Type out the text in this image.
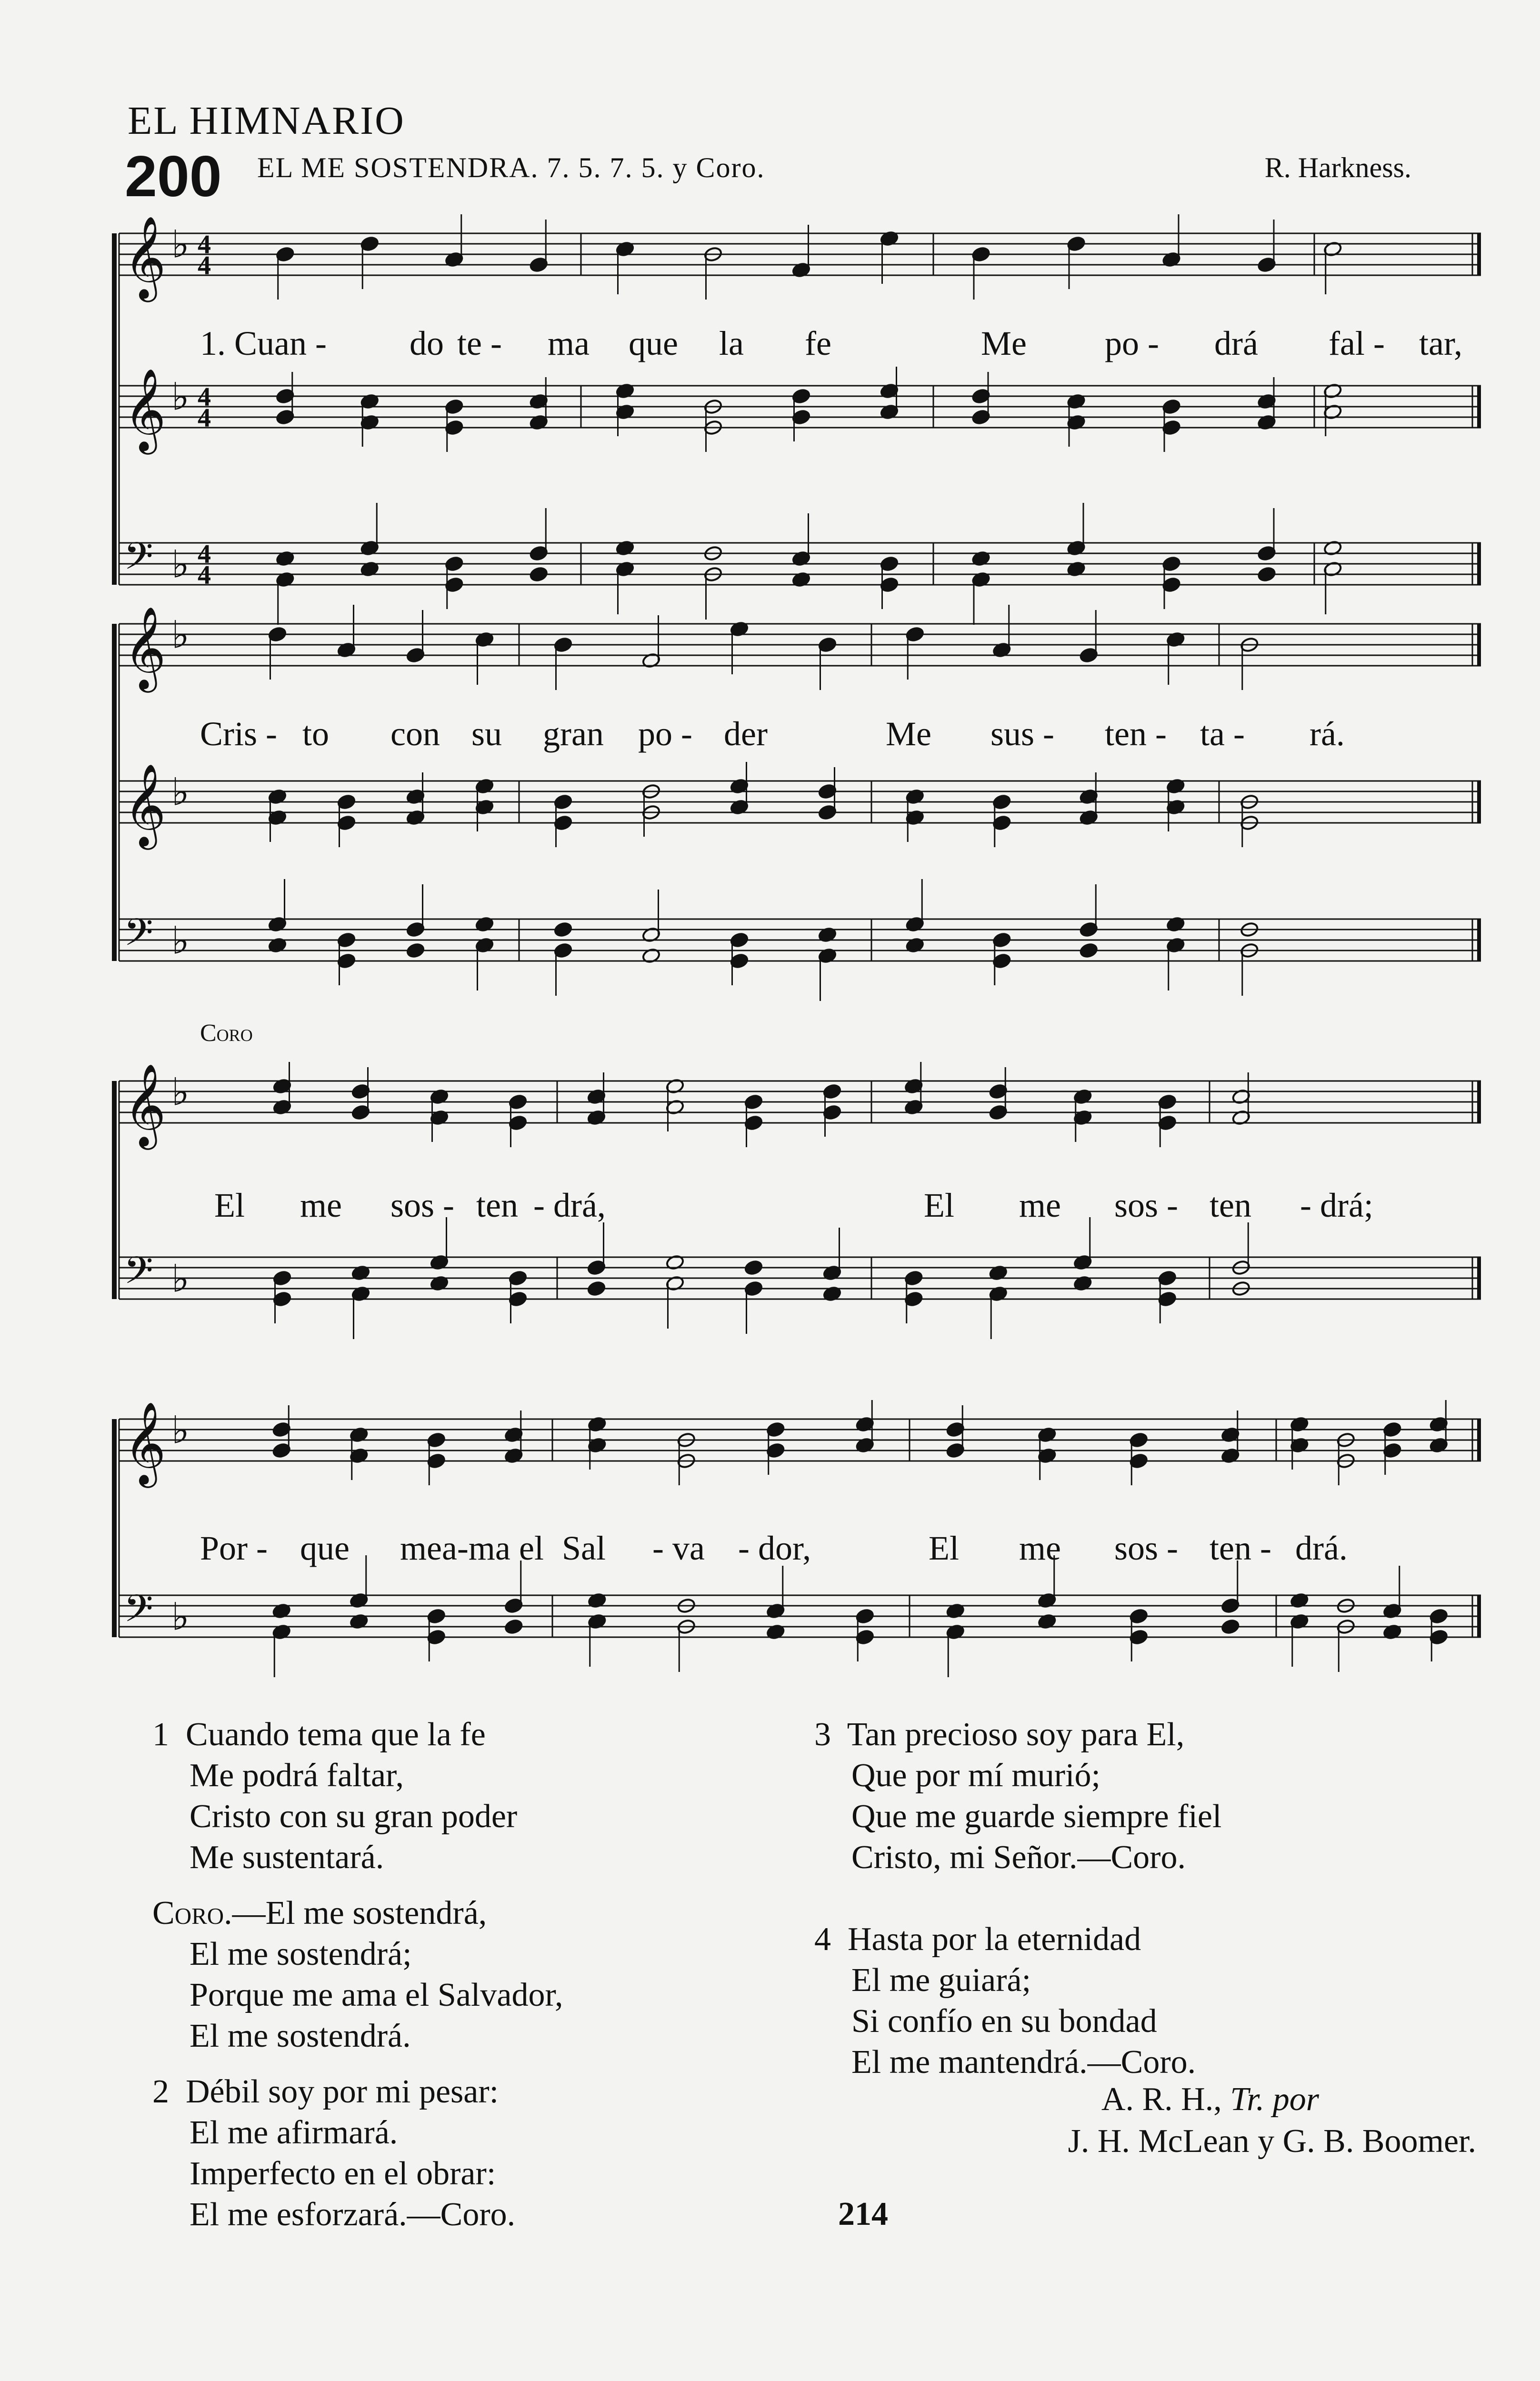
EL HIMNARIO
200 EL ME SOSTENDRA. 7. 5. 7. 5. y Coro.	R. Harkness.
𝄞 ♭ 4
4
𝄞 ♭ 4
4
𝄢 ♭ 4
4
𝄞 ♭
𝄞 ♭
𝄢 ♭
𝄞 ♭
𝄢 ♭
𝄞 ♭
𝄢 ♭
1. Cuan - do te - ma que la fe	Me po - drá fal - tar,
Cris - to con su gran po - der	Me sus - ten - ta - rá.
Coro
El me sos - ten - drá,	El me sos - ten - drá;
Por - que mea-ma el Sal - va - dor,	El me sos - ten - drá.
1 Cuando tema que la fe
Me podrá faltar,
Cristo con su gran poder
Me sustentará.
Coro.—El me sostendrá,
El me sostendrá;
Porque me ama el Salvador,
El me sostendrá.
2 Débil soy por mi pesar:
El me afirmará.
Imperfecto en el obrar:
El me esforzará.—Coro.
3 Tan precioso soy para El,
Que por mí murió;
Que me guarde siempre fiel
Cristo, mi Señor.—Coro.
4 Hasta por la eternidad
El me guiará;
Si confío en su bondad
El me mantendrá.—Coro.
A. R. H., Tr. por
J. H. McLean y G. B. Boomer.
214
